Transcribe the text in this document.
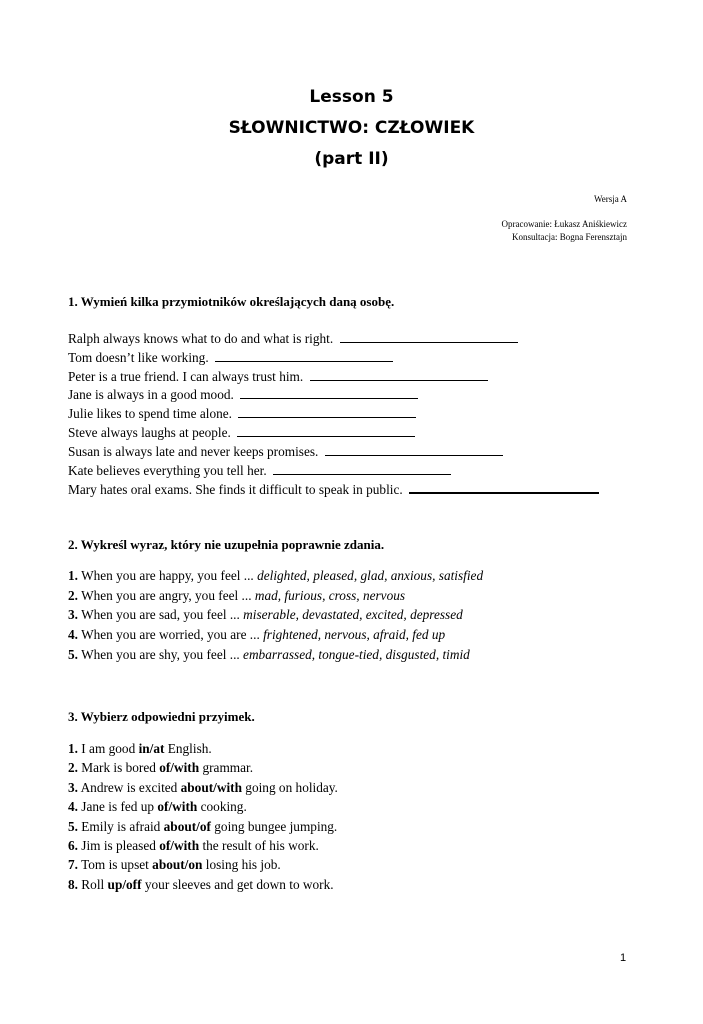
Lesson 5
SŁOWNICTWO: CZŁOWIEK
(part II)
Wersja A
Opracowanie: Łukasz Aniśkiewicz
Konsultacja: Bogna Ferensztajn
1. Wymień kilka przymiotników określających daną osobę.
Ralph always knows what to do and what is right.
Tom doesn’t like working.
Peter is a true friend. I can always trust him.
Jane is always in a good mood.
Julie likes to spend time alone.
Steve always laughs at people.
Susan is always late and never keeps promises.
Kate believes everything you tell her.
Mary hates oral exams. She finds it difficult to speak in public.
2. Wykreśl wyraz, który nie uzupełnia poprawnie zdania.
1. When you are happy, you feel ... delighted, pleased, glad, anxious, satisfied
2. When you are angry, you feel ... mad, furious, cross, nervous
3. When you are sad, you feel ... miserable, devastated, excited, depressed
4. When you are worried, you are ... frightened, nervous, afraid, fed up
5. When you are shy, you feel ... embarrassed, tongue-tied, disgusted, timid
3. Wybierz odpowiedni przyimek.
1. I am good in/at English.
2. Mark is bored of/with grammar.
3. Andrew is excited about/with going on holiday.
4. Jane is fed up of/with cooking.
5. Emily is afraid about/of going bungee jumping.
6. Jim is pleased of/with the result of his work.
7. Tom is upset about/on losing his job.
8. Roll up/off your sleeves and get down to work.
1
